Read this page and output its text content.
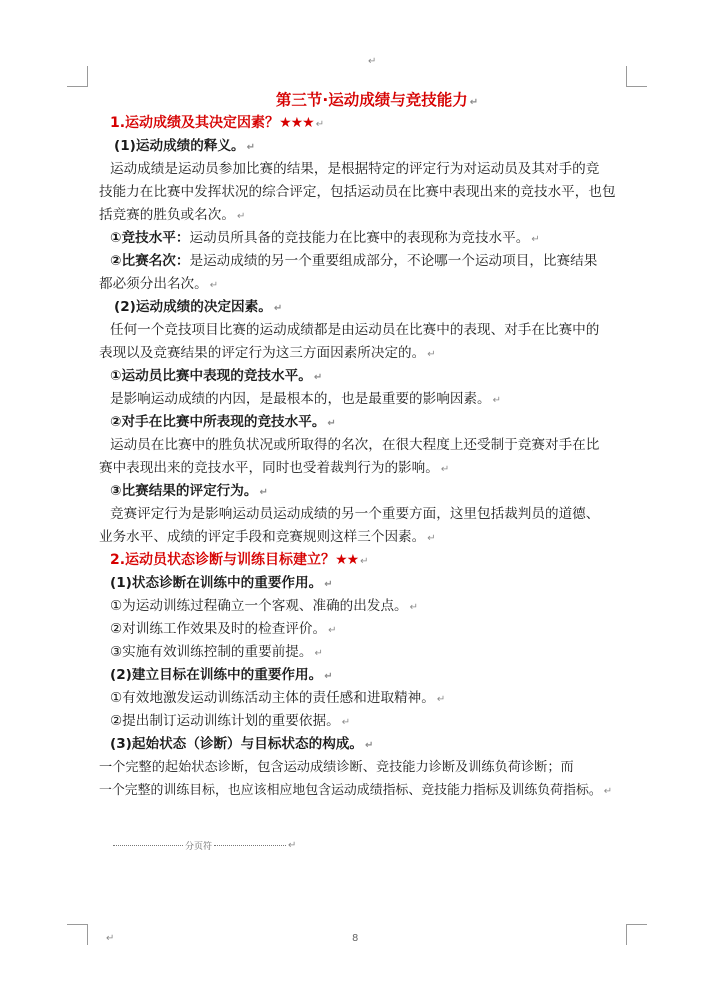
↵
第三节·运动成绩与竞技能力 ↵
1.运动成绩及其决定因素？★★★ ↵
(1)运动成绩的释义。 ↵
运动成绩是运动员参加比赛的结果，是根据特定的评定行为对运动员及其对手的竞
技能力在比赛中发挥状况的综合评定，包括运动员在比赛中表现出来的竞技水平，也包
括竞赛的胜负或名次。 ↵
①竞技水平：运动员所具备的竞技能力在比赛中的表现称为竞技水平。 ↵
②比赛名次：是运动成绩的另一个重要组成部分，不论哪一个运动项目，比赛结果
都必须分出名次。 ↵
(2)运动成绩的决定因素。 ↵
任何一个竞技项目比赛的运动成绩都是由运动员在比赛中的表现、对手在比赛中的
表现以及竞赛结果的评定行为这三方面因素所决定的。 ↵
①运动员比赛中表现的竞技水平。 ↵
是影响运动成绩的内因，是最根本的，也是最重要的影响因素。 ↵
②对手在比赛中所表现的竞技水平。 ↵
运动员在比赛中的胜负状况或所取得的名次，在很大程度上还受制于竞赛对手在比
赛中表现出来的竞技水平，同时也受着裁判行为的影响。 ↵
③比赛结果的评定行为。 ↵
竞赛评定行为是影响运动员运动成绩的另一个重要方面，这里包括裁判员的道德、
业务水平、成绩的评定手段和竞赛规则这样三个因素。 ↵
2.运动员状态诊断与训练目标建立？★★ ↵
(1)状态诊断在训练中的重要作用。 ↵
①为运动训练过程确立一个客观、准确的出发点。 ↵
②对训练工作效果及时的检查评价。 ↵
③实施有效训练控制的重要前提。 ↵
(2)建立目标在训练中的重要作用。 ↵
①有效地激发运动训练活动主体的责任感和进取精神。 ↵
②提出制订运动训练计划的重要依据。 ↵
(3)起始状态（诊断）与目标状态的构成。 ↵
一个完整的起始状态诊断，包含运动成绩诊断、竞技能力诊断及训练负荷诊断；而
一个完整的训练目标，也应该相应地包含运动成绩指标、竞技能力指标及训练负荷指标。 ↵
分页符	↵
↵	8
